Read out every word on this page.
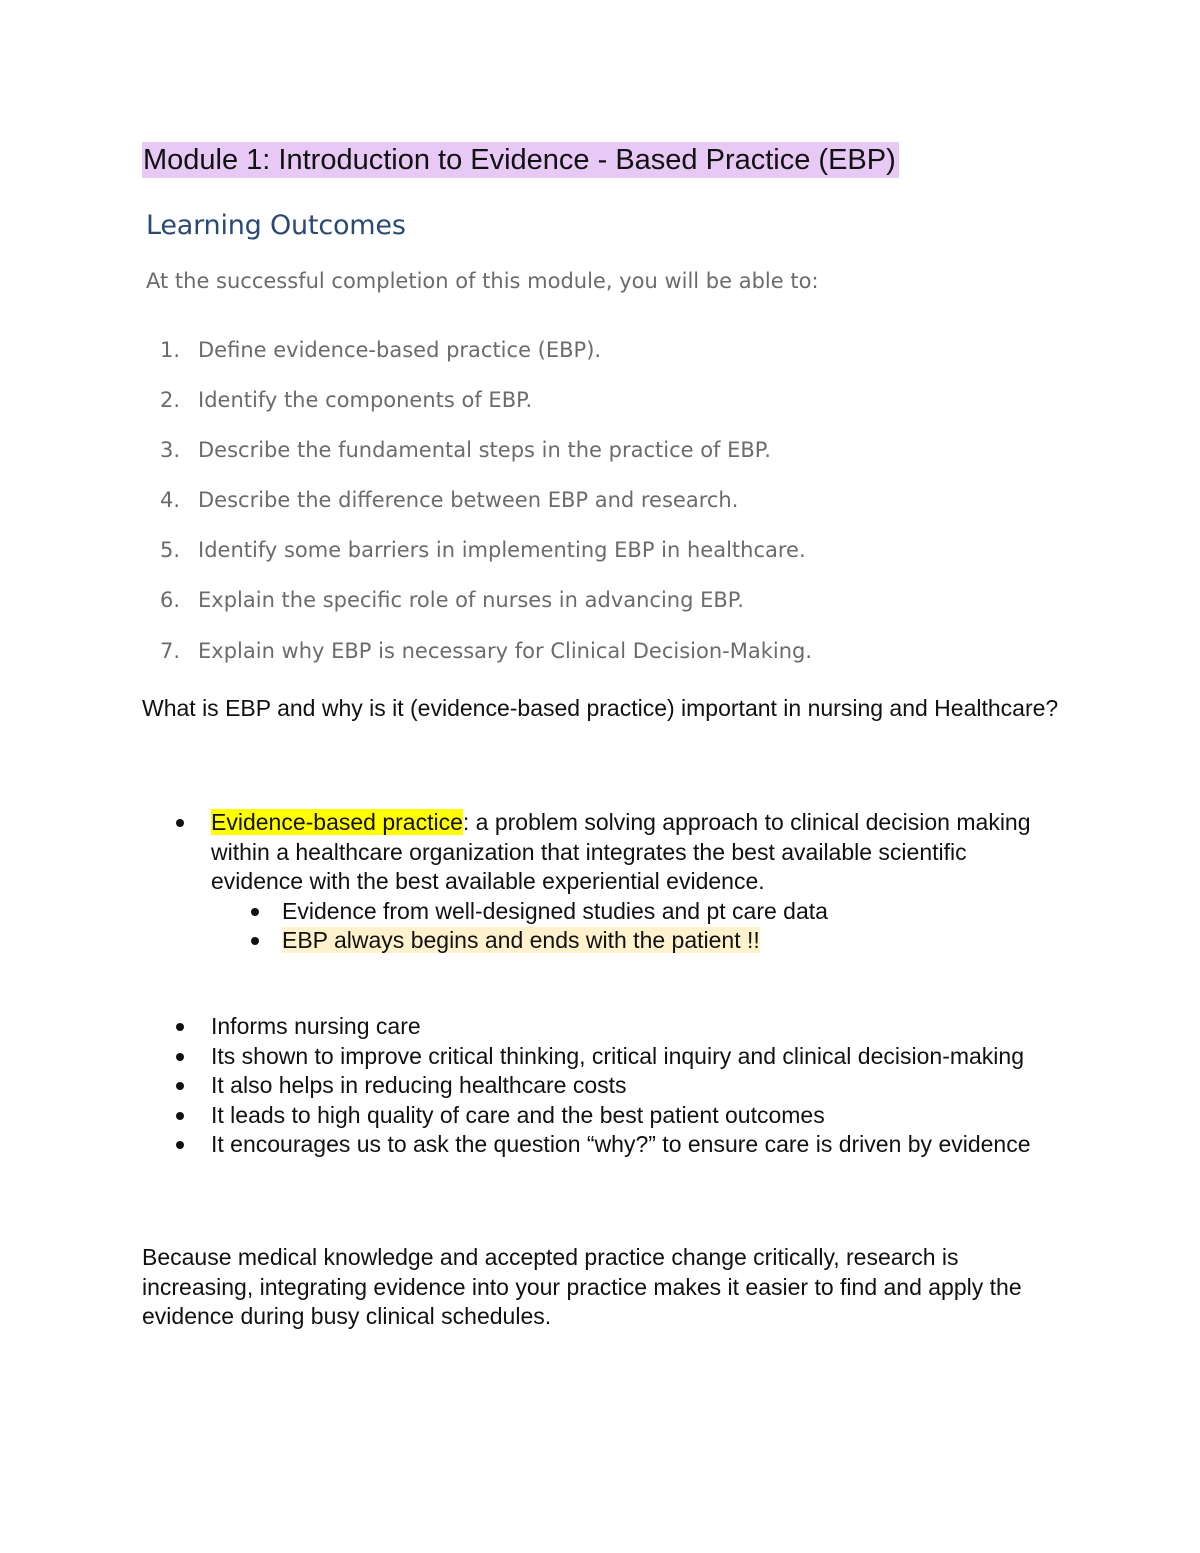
Module 1: Introduction to Evidence - Based Practice (EBP)
Learning Outcomes
At the successful completion of this module, you will be able to:
1. Define evidence-based practice (EBP).
2. Identify the components of EBP.
3. Describe the fundamental steps in the practice of EBP.
4. Describe the difference between EBP and research.
5. Identify some barriers in implementing EBP in healthcare.
6. Explain the specific role of nurses in advancing EBP.
7. Explain why EBP is necessary for Clinical Decision-Making.
What is EBP and why is it (evidence-based practice) important in nursing and Healthcare?
Evidence-based practice: a problem solving approach to clinical decision making within a healthcare organization that integrates the best available scientific evidence with the best available experiential evidence.
Evidence from well-designed studies and pt care data
EBP always begins and ends with the patient !!
Informs nursing care
Its shown to improve critical thinking, critical inquiry and clinical decision-making
It also helps in reducing healthcare costs
It leads to high quality of care and the best patient outcomes
It encourages us to ask the question “why?” to ensure care is driven by evidence
Because medical knowledge and accepted practice change critically, research is increasing, integrating evidence into your practice makes it easier to find and apply the evidence during busy clinical schedules.
